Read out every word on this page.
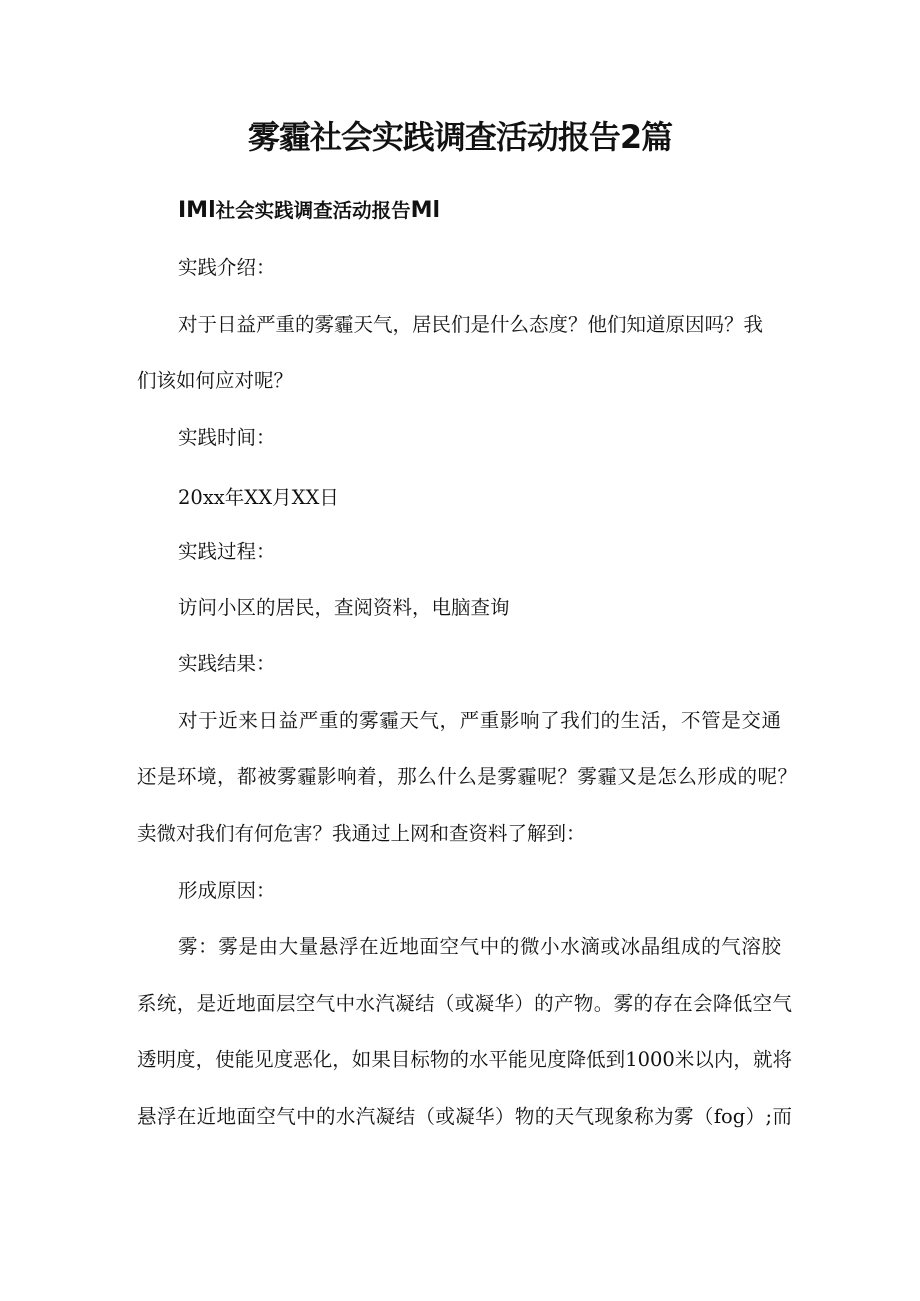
雾霾社会实践调查活动报告2篇

IMl社会实践调查活动报告Ml

实践介绍：

对于日益严重的雾霾天气，居民们是什么态度？他们知道原因吗？我

们该如何应对呢？

实践时间：

20xx年XX月XX日

实践过程：

访问小区的居民，查阅资料，电脑查询

实践结果：

对于近来日益严重的雾霾天气，严重影响了我们的生活，不管是交通

还是环境，都被雾霾影响着，那么什么是雾霾呢？雾霾又是怎么形成的呢？

卖微对我们有何危害？我通过上网和查资料了解到：

形成原因：

雾：雾是由大量悬浮在近地面空气中的微小水滴或冰晶组成的气溶胶

系统，是近地面层空气中水汽凝结（或凝华）的产物。雾的存在会降低空气

透明度，使能见度恶化，如果目标物的水平能见度降低到1000米以内，就将

悬浮在近地面空气中的水汽凝结（或凝华）物的天气现象称为雾（fog）;而
